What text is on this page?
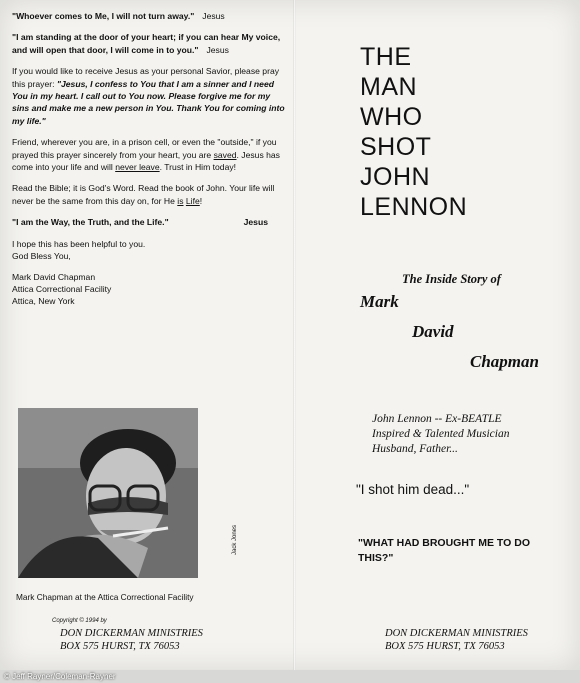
"Whoever comes to Me, I will not turn away." Jesus

"I am standing at the door of your heart; if you can hear My voice, and will open that door, I will come in to you." Jesus

If you would like to receive Jesus as your personal Savior, please pray this prayer: "Jesus, I confess to You that I am a sinner and I need You in my heart. I call out to You now. Please forgive me for my sins and make me a new person in You. Thank You for coming into my life."

Friend, wherever you are, in a prison cell, or even the "outside," if you prayed this prayer sincerely from your heart, you are saved. Jesus has come into your life and will never leave. Trust in Him today!

Read the Bible; it is God's Word. Read the book of John. Your life will never be the same from this day on, for He is Life!

"I am the Way, the Truth, and the Life."	Jesus

I hope this has been helpful to you.
God Bless You,

Mark David Chapman
Attica Correctional Facility
Attica, New York

Jack Jones
Mark Chapman at the Attica Correctional Facility
Copyright © 1994 by
DON DICKERMAN MINISTRIES
BOX 575 HURST, TX 76053
THE
MAN
WHO
SHOT
JOHN
LENNON
The Inside Story of
Mark
David
Chapman
John Lennon -- Ex-BEATLE
Inspired & Talented Musician
Husband, Father...
"I shot him dead..."
"WHAT HAD BROUGHT ME TO DO THIS?"
DON DICKERMAN MINISTRIES
BOX 575 HURST, TX 76053
© Jeff Rayner/Coleman-Rayner
